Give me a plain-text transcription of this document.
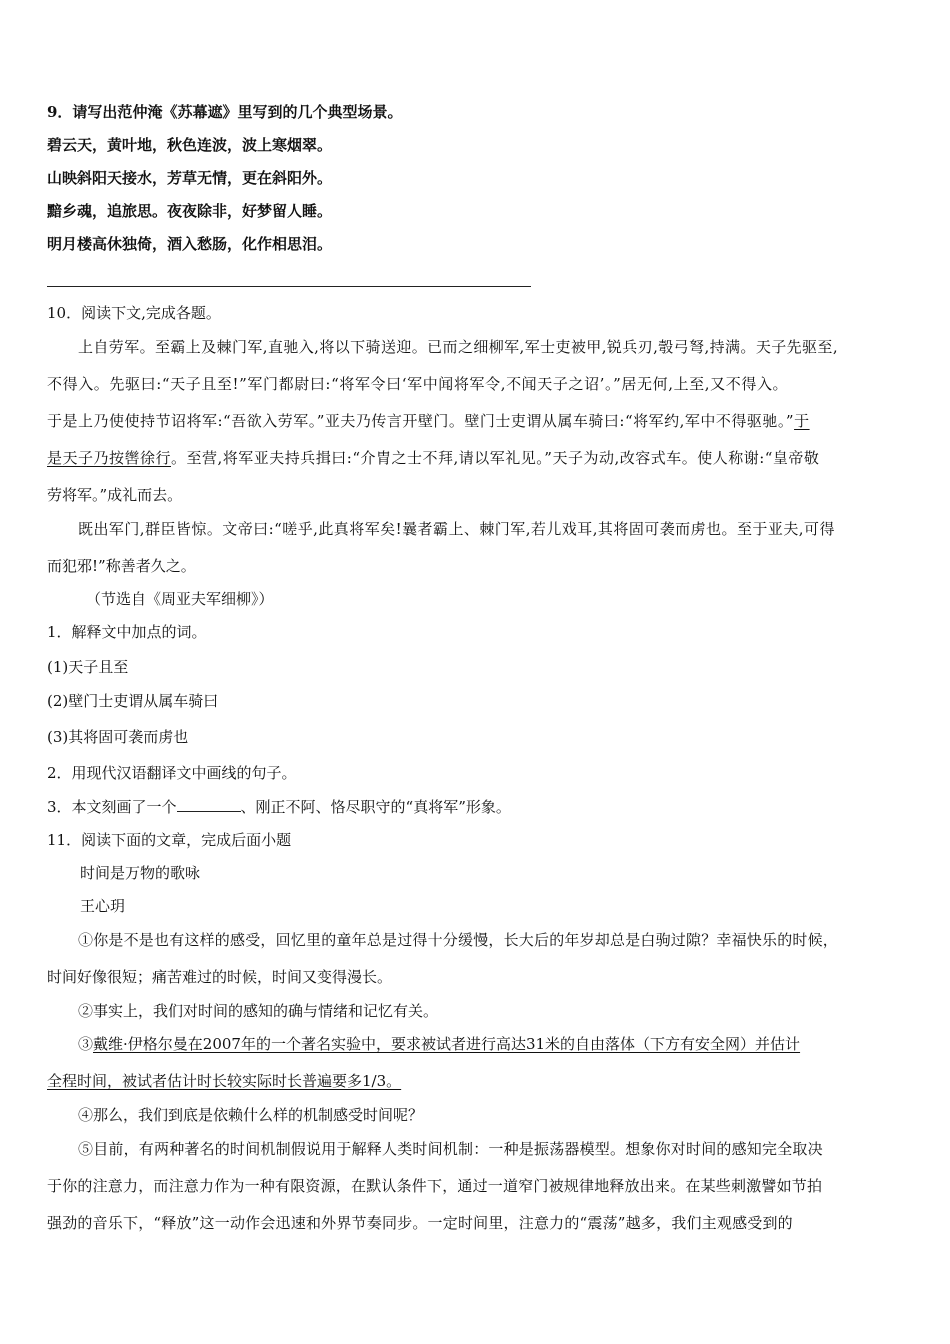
9．请写出范仲淹《苏幕遮》里写到的几个典型场景。
碧云天，黄叶地，秋色连波，波上寒烟翠。
山映斜阳天接水，芳草无情，更在斜阳外。
黯乡魂，追旅思。夜夜除非，好梦留人睡。
明月楼高休独倚，酒入愁肠，化作相思泪。
10．阅读下文,完成各题。
上自劳军。至霸上及棘门军,直驰入,将以下骑送迎。已而之细柳军,军士吏被甲,锐兵刃,彀弓弩,持满。天子先驱至,
不得入。先驱曰:“天子且至!”军门都尉曰:“将军令曰‘军中闻将军令,不闻天子之诏’。”居无何,上至,又不得入。
于是上乃使使持节诏将军:“吾欲入劳军。”亚夫乃传言开壁门。壁门士吏谓从属车骑曰:“将军约,军中不得驱驰。”于
是天子乃按辔徐行。至营,将军亚夫持兵揖曰:“介胄之士不拜,请以军礼见。”天子为动,改容式车。使人称谢:“皇帝敬
劳将军。”成礼而去。
既出军门,群臣皆惊。文帝曰:“嗟乎,此真将军矣!曩者霸上、棘门军,若儿戏耳,其将固可袭而虏也。至于亚夫,可得
而犯邪!”称善者久之。
（节选自《周亚夫军细柳》）
1．解释文中加点的词。
(1)天子且至
(2)壁门士吏谓从属车骑曰
(3)其将固可袭而虏也
2．用现代汉语翻译文中画线的句子。
3．本文刻画了一个	、刚正不阿、恪尽职守的“真将军”形象。
11．阅读下面的文章，完成后面小题
时间是万物的歌咏
王心玥
①你是不是也有这样的感受，回忆里的童年总是过得十分缓慢，长大后的年岁却总是白驹过隙？幸福快乐的时候，
时间好像很短；痛苦难过的时候，时间又变得漫长。
②事实上，我们对时间的感知的确与情绪和记忆有关。
③戴维·伊格尔曼在2007年的一个著名实验中，要求被试者进行高达31米的自由落体（下方有安全网）并估计
全程时间，被试者估计时长较实际时长普遍要多1/3。
④那么，我们到底是依赖什么样的机制感受时间呢？
⑤目前，有两种著名的时间机制假说用于解释人类时间机制：一种是振荡器模型。想象你对时间的感知完全取决
于你的注意力，而注意力作为一种有限资源，在默认条件下，通过一道窄门被规律地释放出来。在某些刺激譬如节拍
强劲的音乐下，“释放”这一动作会迅速和外界节奏同步。一定时间里，注意力的“震荡”越多，我们主观感受到的
